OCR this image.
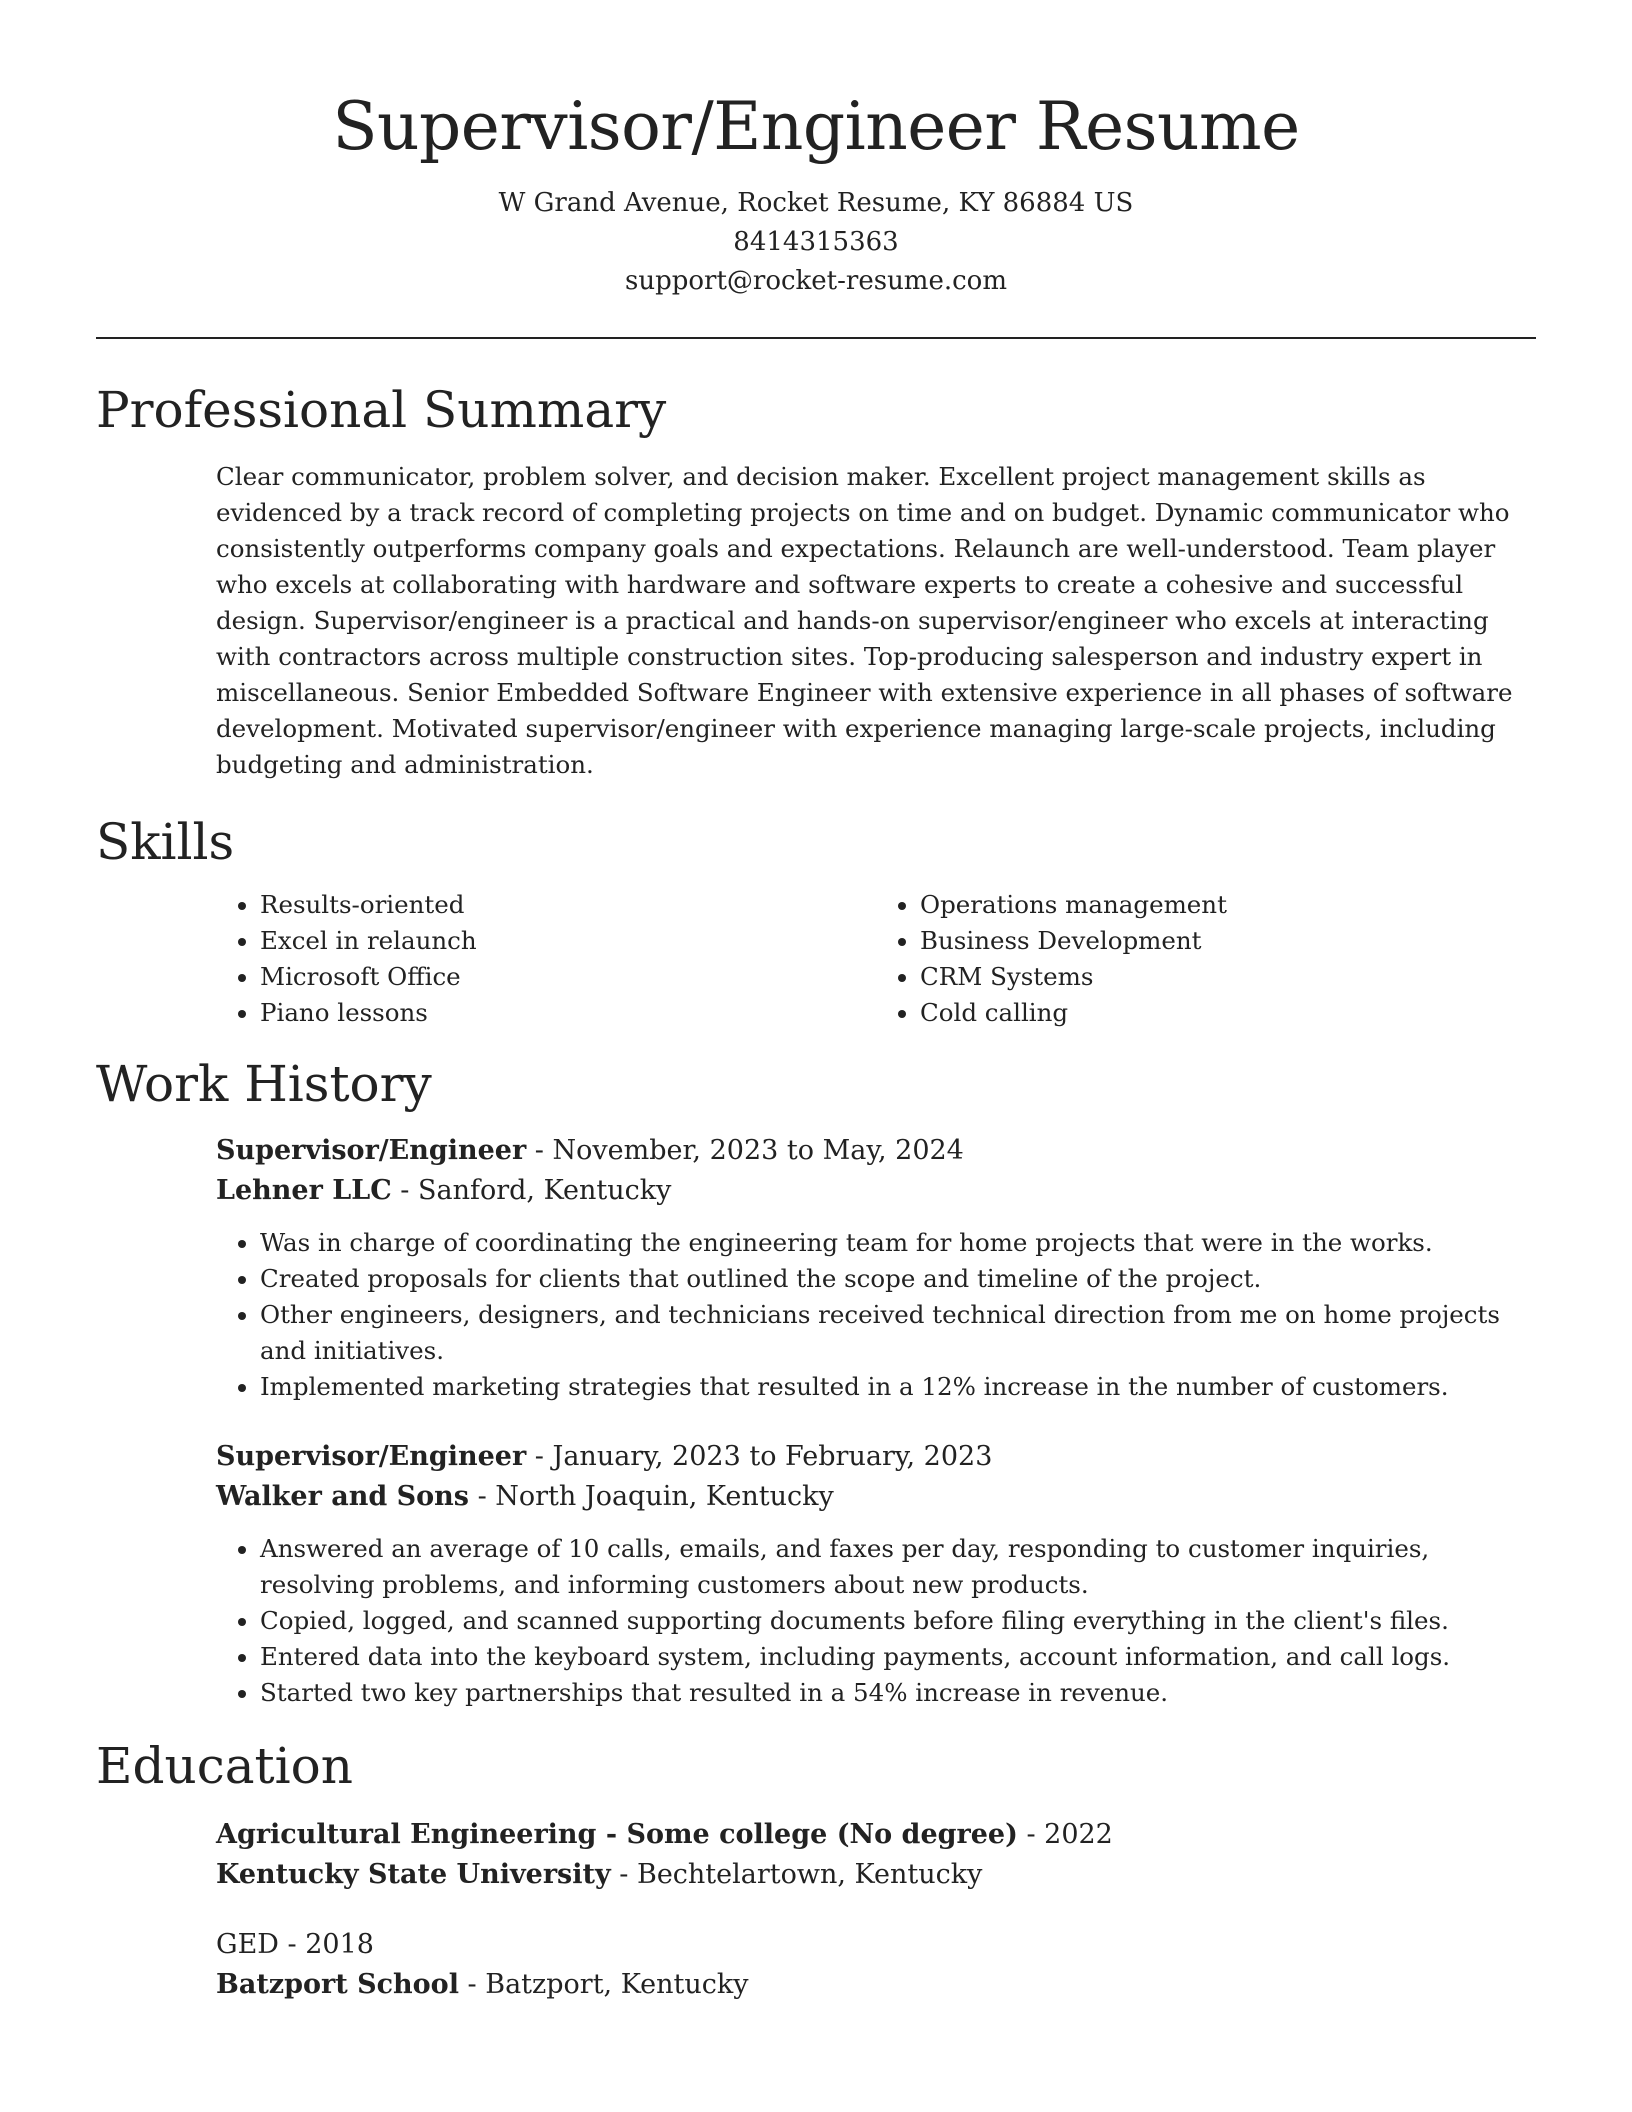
Supervisor/Engineer Resume

W Grand Avenue, Rocket Resume, KY 86884 US

8414315363

support@rocket-resume.com

Professional Summary

Clear communicator, problem solver, and decision maker. Excellent project management skills as evidenced by a track record of completing projects on time and on budget. Dynamic communicator who consistently outperforms company goals and expectations. Relaunch are well-understood. Team player who excels at collaborating with hardware and software experts to create a cohesive and successful design. Supervisor/engineer is a practical and hands-on supervisor/engineer who excels at interacting with contractors across multiple construction sites. Top-producing salesperson and industry expert in miscellaneous. Senior Embedded Software Engineer with extensive experience in all phases of software development. Motivated supervisor/engineer with experience managing large-scale projects, including budgeting and administration.

Skills
• Results-oriented
• Excel in relaunch
• Microsoft Office
• Piano lessons
• Operations management
• Business Development
• CRM Systems
• Cold calling
Work History

Supervisor/Engineer - November, 2023 to May, 2024

Lehner LLC - Sanford, Kentucky

• Was in charge of coordinating the engineering team for home projects that were in the works.
• Created proposals for clients that outlined the scope and timeline of the project.
• Other engineers, designers, and technicians received technical direction from me on home projects and initiatives.
• Implemented marketing strategies that resulted in a 12% increase in the number of customers.

Supervisor/Engineer - January, 2023 to February, 2023

Walker and Sons - North Joaquin, Kentucky

• Answered an average of 10 calls, emails, and faxes per day, responding to customer inquiries, resolving problems, and informing customers about new products.
• Copied, logged, and scanned supporting documents before filing everything in the client's files.
• Entered data into the keyboard system, including payments, account information, and call logs.
• Started two key partnerships that resulted in a 54% increase in revenue.
Education

Agricultural Engineering - Some college (No degree) - 2022

Kentucky State University - Bechtelartown, Kentucky

GED - 2018

Batzport School - Batzport, Kentucky
